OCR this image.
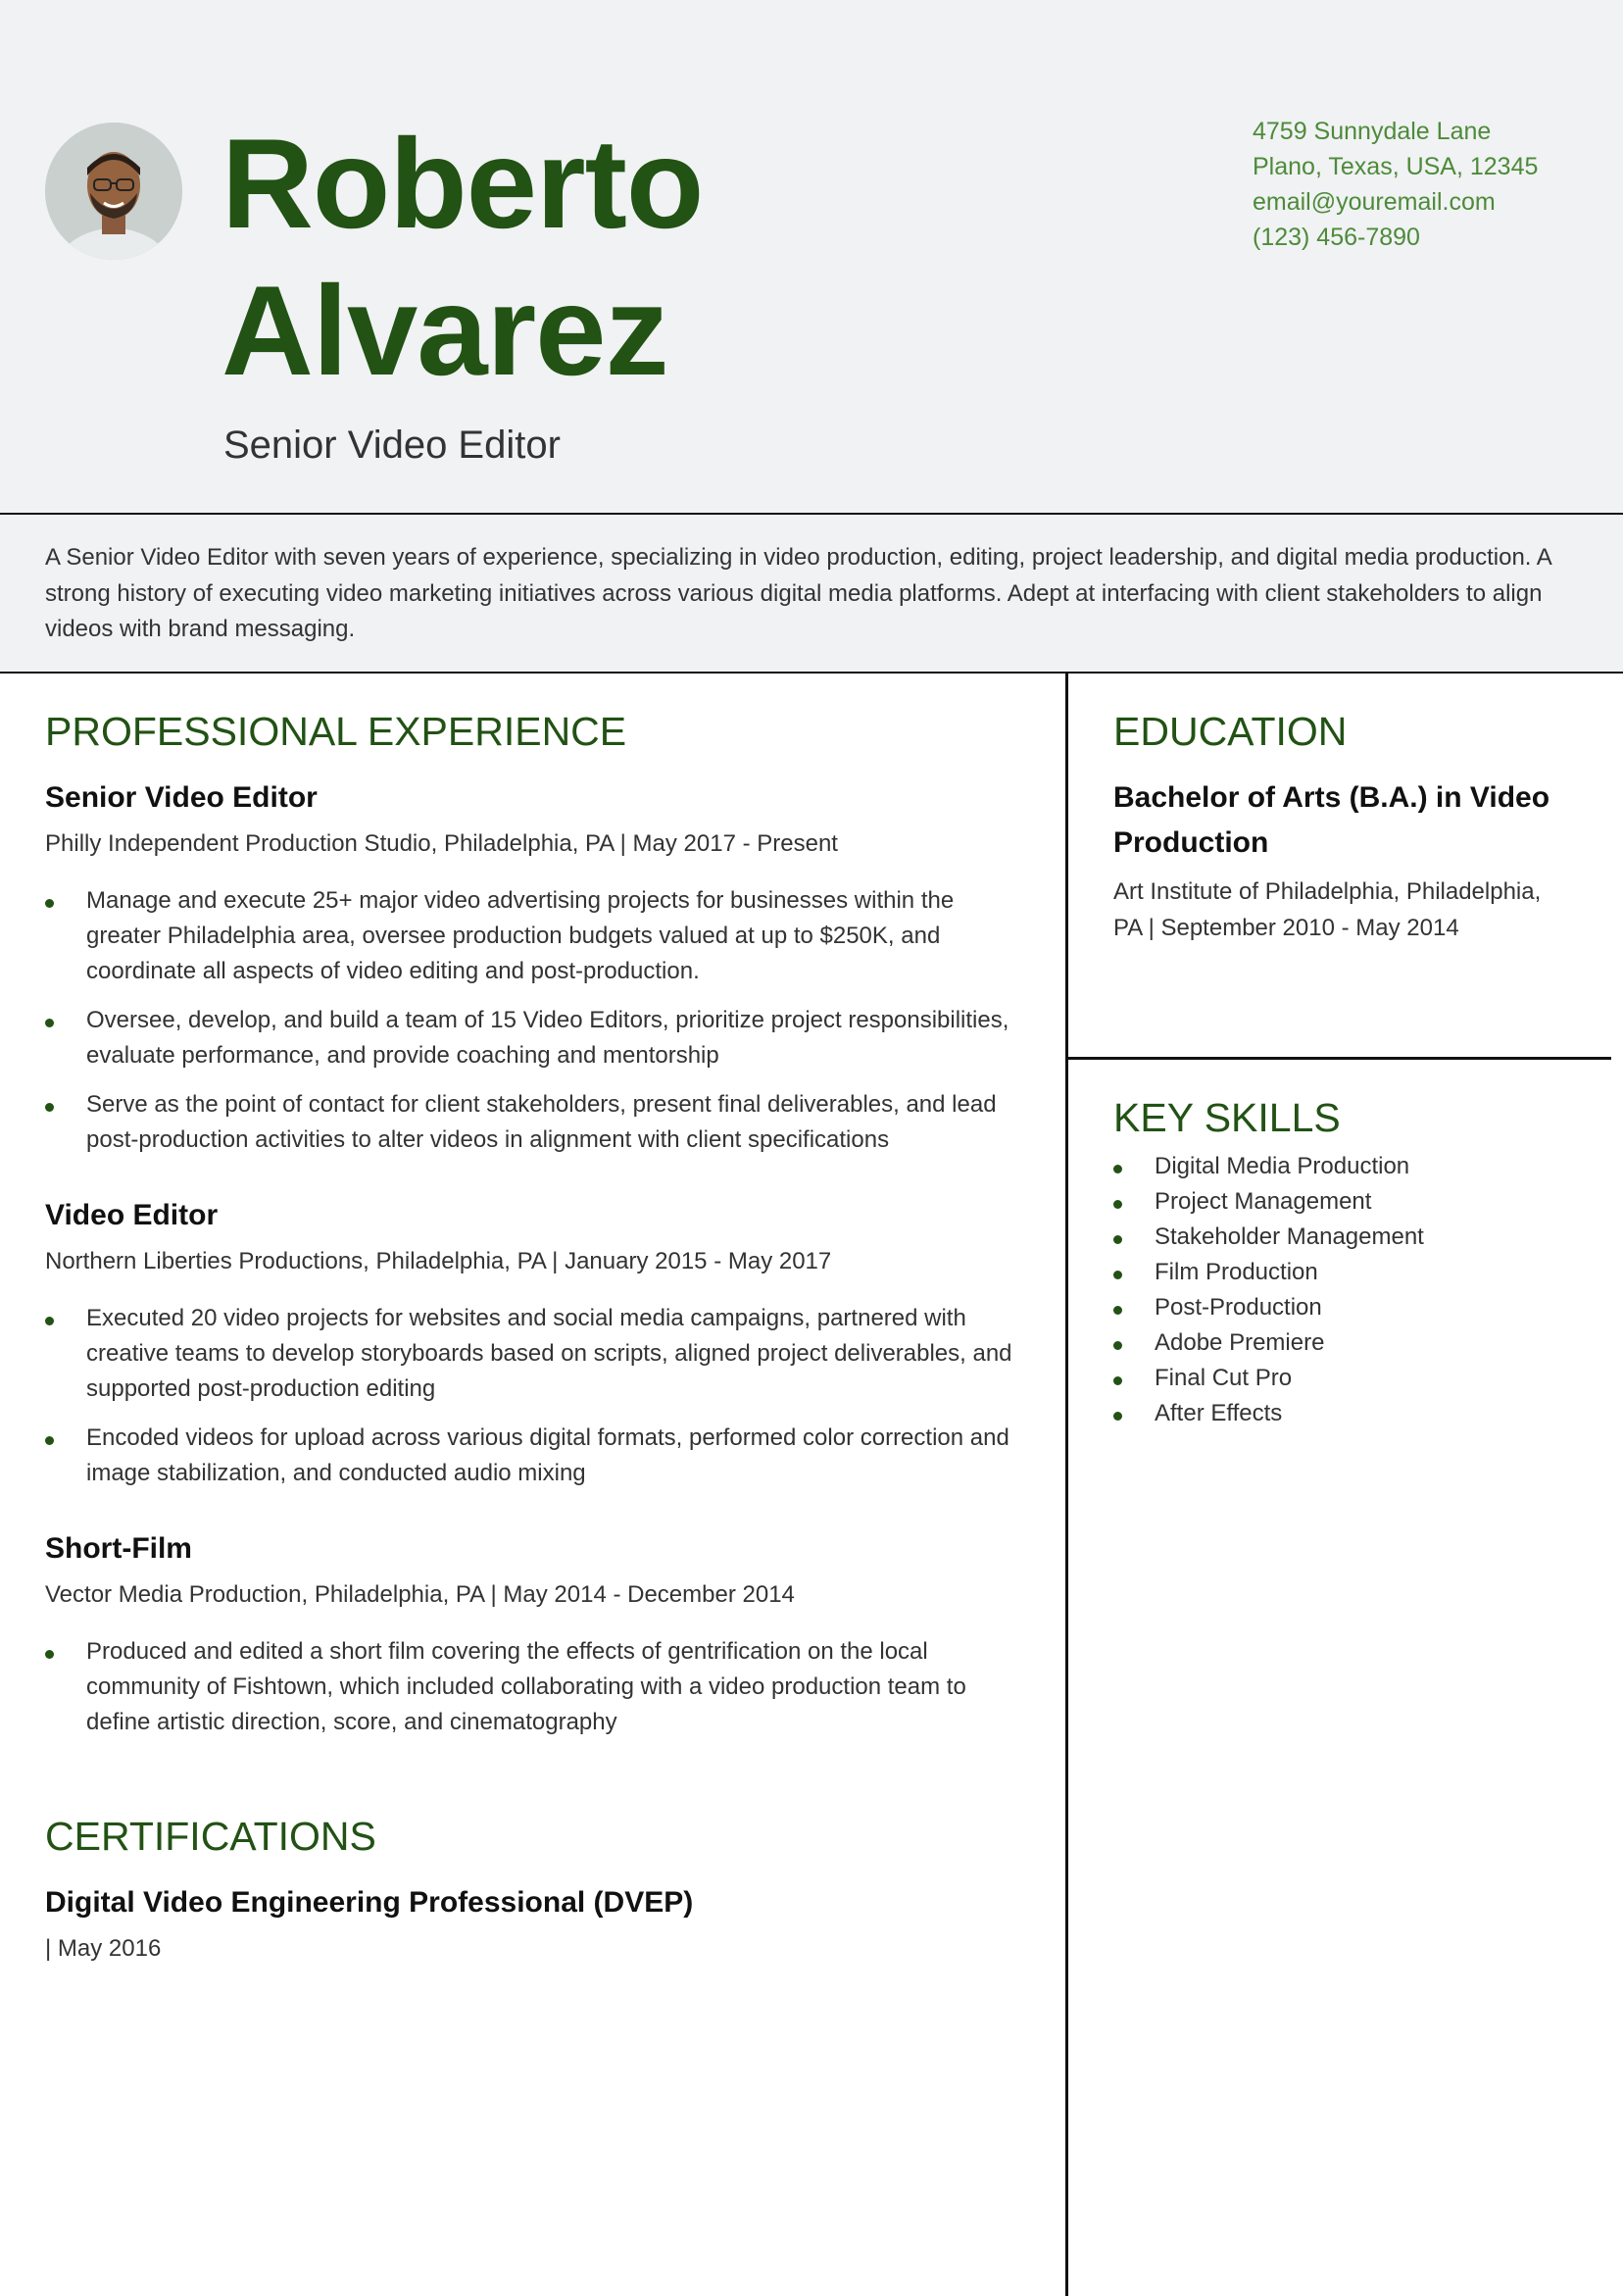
Roberto
Alvarez
Senior Video Editor
4759 Sunnydale Lane
Plano, Texas, USA, 12345
email@youremail.com
(123) 456-7890

A Senior Video Editor with seven years of experience, specializing in video production, editing, project leadership, and digital media production. A strong history of executing video marketing initiatives across various digital media platforms. Adept at interfacing with client stakeholders to align videos with brand messaging.

PROFESSIONAL EXPERIENCE
Senior Video Editor
Philly Independent Production Studio, Philadelphia, PA | May 2017 - Present
Manage and execute 25+ major video advertising projects for businesses within the greater Philadelphia area, oversee production budgets valued at up to $250K, and coordinate all aspects of video editing and post-production.
Oversee, develop, and build a team of 15 Video Editors, prioritize project responsibilities, evaluate performance, and provide coaching and mentorship
Serve as the point of contact for client stakeholders, present final deliverables, and lead post-production activities to alter videos in alignment with client specifications
Video Editor
Northern Liberties Productions, Philadelphia, PA | January 2015 - May 2017
Executed 20 video projects for websites and social media campaigns, partnered with creative teams to develop storyboards based on scripts, aligned project deliverables, and supported post-production editing
Encoded videos for upload across various digital formats, performed color correction and image stabilization, and conducted audio mixing
Short-Film
Vector Media Production, Philadelphia, PA | May 2014 - December 2014
Produced and edited a short film covering the effects of gentrification on the local community of Fishtown, which included collaborating with a video production team to define artistic direction, score, and cinematography
CERTIFICATIONS
Digital Video Engineering Professional (DVEP)
| May 2016
EDUCATION
Bachelor of Arts (B.A.) in Video Production
Art Institute of Philadelphia, Philadelphia, PA | September 2010 - May 2014
KEY SKILLS
Digital Media Production
Project Management
Stakeholder Management
Film Production
Post-Production
Adobe Premiere
Final Cut Pro
After Effects
